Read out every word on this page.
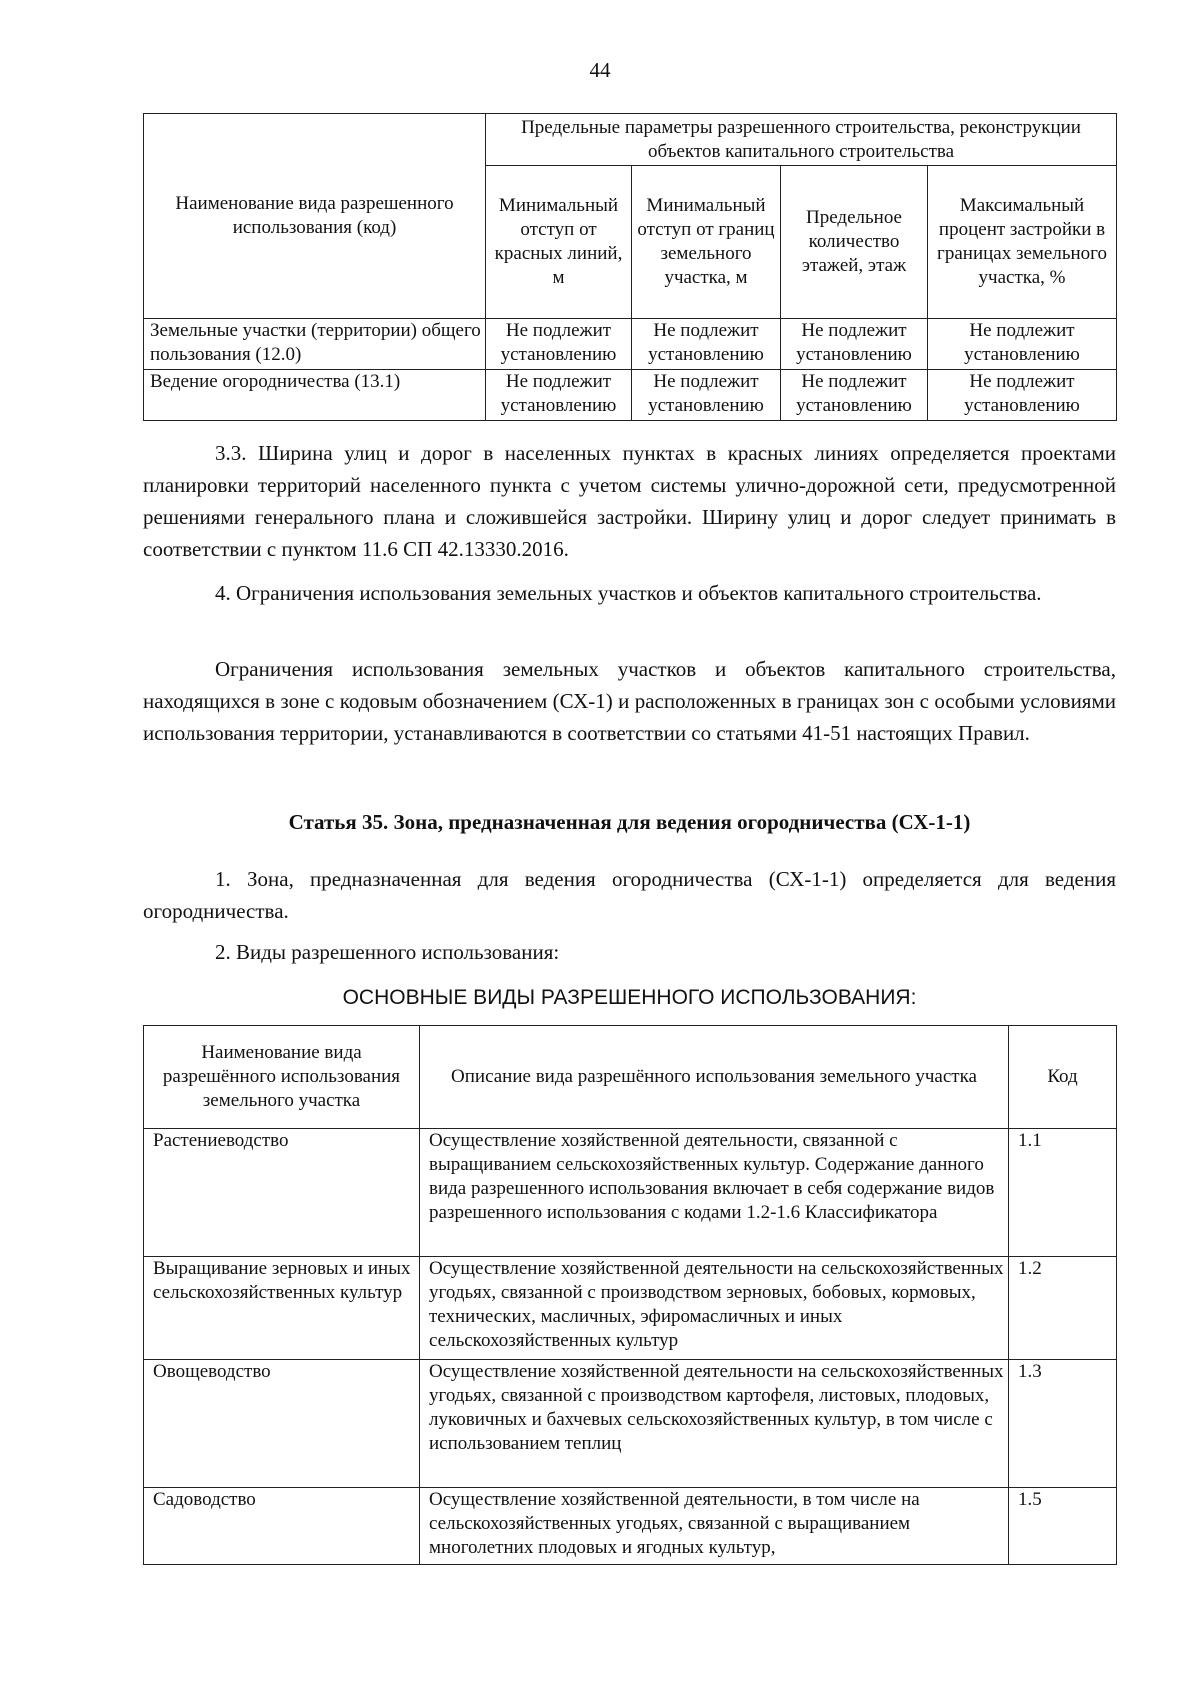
44
Наименование вида разрешенного использования (код)	Предельные параметры разрешенного строительства, реконструкции объектов капитального строительства			
	Минимальный отступ от красных линий, м	Минимальный отступ от границ земельного участка, м	Предельное количество этажей, этаж	Максимальный процент застройки в границах земельного участка, %
Земельные участки (территории) общего пользования (12.0)	Не подлежит установлению	Не подлежит установлению	Не подлежит установлению	Не подлежит установлению
Ведение огородничества (13.1)	Не подлежит установлению	Не подлежит установлению	Не подлежит установлению	Не подлежит установлению

3.3. Ширина улиц и дорог в населенных пунктах в красных линиях определяется проектами планировки территорий населенного пункта с учетом системы улично-дорожной сети, предусмотренной решениями генерального плана и сложившейся застройки. Ширину улиц и дорог следует принимать в соответствии с пунктом 11.6 СП 42.13330.2016.

4. Ограничения использования земельных участков и объектов капитального строительства.

Ограничения использования земельных участков и объектов капитального строительства, находящихся в зоне с кодовым обозначением (СХ-1) и расположенных в границах зон с особыми условиями использования территории, устанавливаются в соответствии со статьями 41-51 настоящих Правил.

Статья 35. Зона, предназначенная для ведения огородничества (СХ-1-1)

1. Зона, предназначенная для ведения огородничества (СХ-1-1) определяется для ведения огородничества.

2. Виды разрешенного использования:

ОСНОВНЫЕ ВИДЫ РАЗРЕШЕННОГО ИСПОЛЬЗОВАНИЯ:
Наименование вида разрешённого использования земельного участка	Описание вида разрешённого использования земельного участка	Код
Растениеводство	Осуществление хозяйственной деятельности, связанной с выращиванием сельскохозяйственных культур. Содержание данного вида разрешенного использования включает в себя содержание видов разрешенного использования с кодами 1.2-1.6 Классификатора	1.1
Выращивание зерновых и иных сельскохозяйственных культур	Осуществление хозяйственной деятельности на сельскохозяйственных угодьях, связанной с производством зерновых, бобовых, кормовых, технических, масличных, эфиромасличных и иных сельскохозяйственных культур	1.2
Овощеводство	Осуществление хозяйственной деятельности на сельскохозяйственных угодьях, связанной с производством картофеля, листовых, плодовых, луковичных и бахчевых сельскохозяйственных культур, в том числе с использованием теплиц	1.3
Садоводство	Осуществление хозяйственной деятельности, в том числе на сельскохозяйственных угодьях, связанной с выращиванием многолетних плодовых и ягодных культур,	1.5
